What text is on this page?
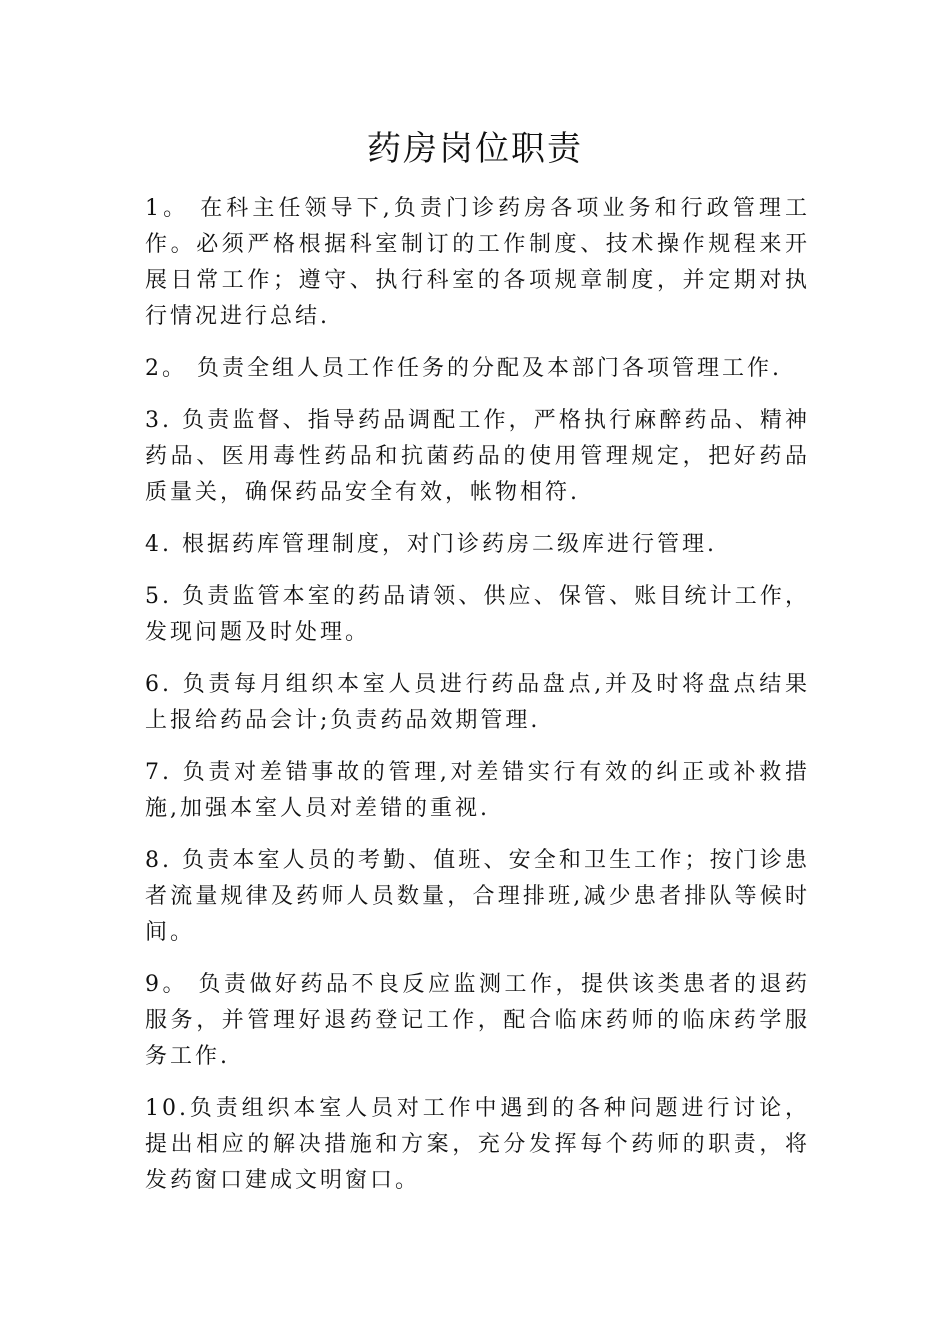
药房岗位职责

1。 在科主任领导下,负责门诊药房各项业务和行政管理工作。必须严格根据科室制订的工作制度、技术操作规程来开展日常工作；遵守、执行科室的各项规章制度，并定期对执行情况进行总结.

2。 负责全组人员工作任务的分配及本部门各项管理工作.

3. 负责监督、指导药品调配工作，严格执行麻醉药品、精神药品、医用毒性药品和抗菌药品的使用管理规定，把好药品质量关，确保药品安全有效，帐物相符.

4. 根据药库管理制度，对门诊药房二级库进行管理.

5. 负责监管本室的药品请领、供应、保管、账目统计工作，发现问题及时处理。

6. 负责每月组织本室人员进行药品盘点,并及时将盘点结果上报给药品会计;负责药品效期管理.

7. 负责对差错事故的管理,对差错实行有效的纠正或补救措施,加强本室人员对差错的重视.

8. 负责本室人员的考勤、值班、安全和卫生工作；按门诊患者流量规律及药师人员数量，合理排班,减少患者排队等候时间。

9。 负责做好药品不良反应监测工作，提供该类患者的退药服务，并管理好退药登记工作，配合临床药师的临床药学服务工作.

10.负责组织本室人员对工作中遇到的各种问题进行讨论，提出相应的解决措施和方案，充分发挥每个药师的职责，将发药窗口建成文明窗口。
